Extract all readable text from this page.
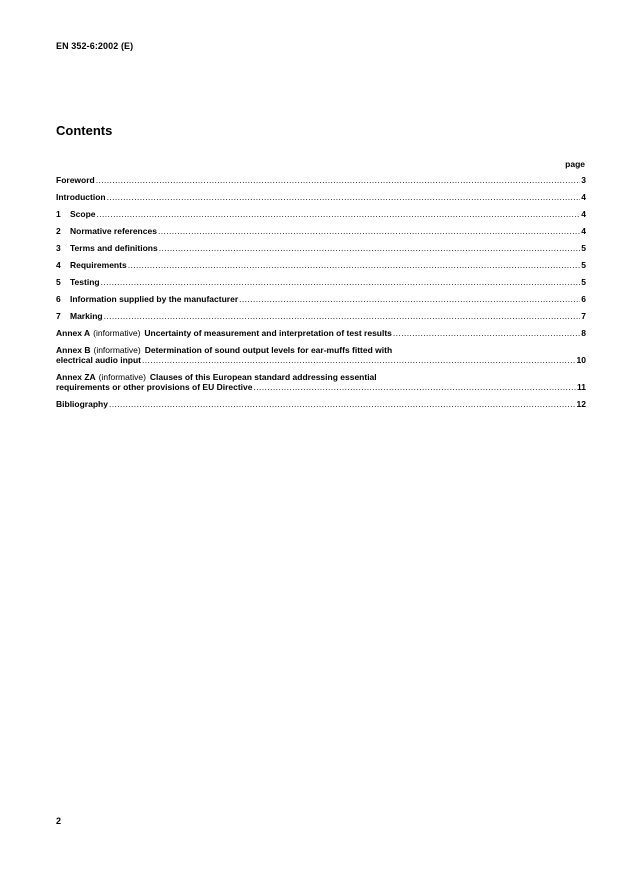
EN 352-6:2002 (E)
Contents
page
Foreword .....	3
Introduction .....	4
1	Scope .....	4
2	Normative references .....	4
3	Terms and definitions .....	5
4	Requirements .....	5
5	Testing .....	5
6	Information supplied by the manufacturer .....	6
7	Marking .....	7
Annex A (informative) Uncertainty of measurement and interpretation of test results .....	8
Annex B (informative) Determination of sound output levels for ear-muffs fitted with
electrical audio input .....	10
Annex ZA (informative) Clauses of this European standard addressing essential
requirements or other provisions of EU Directive .....	11
Bibliography .....	12
2
